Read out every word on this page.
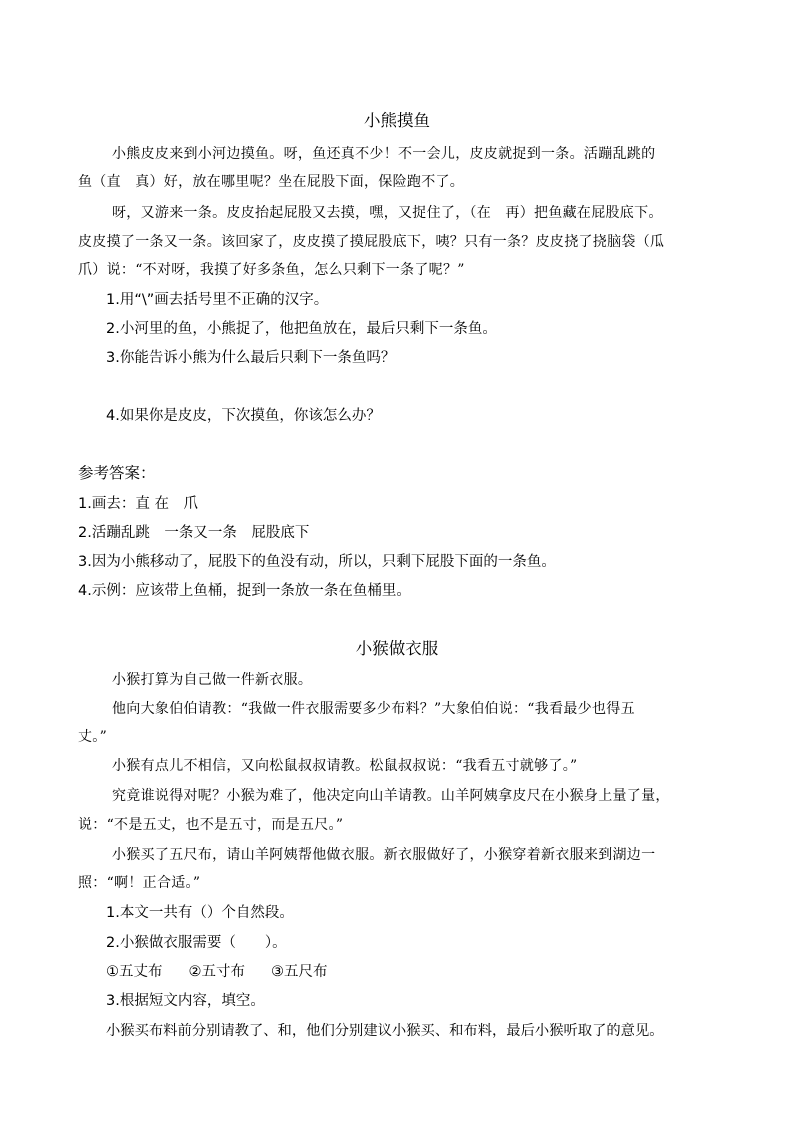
小熊摸鱼
小熊皮皮来到小河边摸鱼。呀，鱼还真不少！不一会儿，皮皮就捉到一条。活蹦乱跳的
鱼（直　真）好，放在哪里呢？坐在屁股下面，保险跑不了。
呀，又游来一条。皮皮抬起屁股又去摸，嘿，又捉住了，（在　再）把鱼藏在屁股底下。
皮皮摸了一条又一条。该回家了，皮皮摸了摸屁股底下，咦？只有一条？皮皮挠了挠脑袋（瓜
爪）说：“不对呀，我摸了好多条鱼，怎么只剩下一条了呢？”
1.用“\”画去括号里不正确的汉字。
2.小河里的鱼，小熊捉了，他把鱼放在，最后只剩下一条鱼。
3.你能告诉小熊为什么最后只剩下一条鱼吗？
4.如果你是皮皮，下次摸鱼，你该怎么办？
参考答案：
1.画去：直 在　爪
2.活蹦乱跳　一条又一条　屁股底下
3.因为小熊移动了，屁股下的鱼没有动，所以，只剩下屁股下面的一条鱼。
4.示例：应该带上鱼桶，捉到一条放一条在鱼桶里。
小猴做衣服
小猴打算为自己做一件新衣服。
他向大象伯伯请教：“我做一件衣服需要多少布料？”大象伯伯说：“我看最少也得五
丈。”
小猴有点儿不相信，又向松鼠叔叔请教。松鼠叔叔说：“我看五寸就够了。”
究竟谁说得对呢？小猴为难了，他决定向山羊请教。山羊阿姨拿皮尺在小猴身上量了量，
说：“不是五丈，也不是五寸，而是五尺。”
小猴买了五尺布，请山羊阿姨帮他做衣服。新衣服做好了，小猴穿着新衣服来到湖边一
照：“啊！正合适。”
1.本文一共有（）个自然段。
2.小猴做衣服需要（　　）。
①五丈布 ②五寸布 ③五尺布
3.根据短文内容，填空。
小猴买布料前分别请教了、和，他们分别建议小猴买、和布料，最后小猴听取了的意见。
